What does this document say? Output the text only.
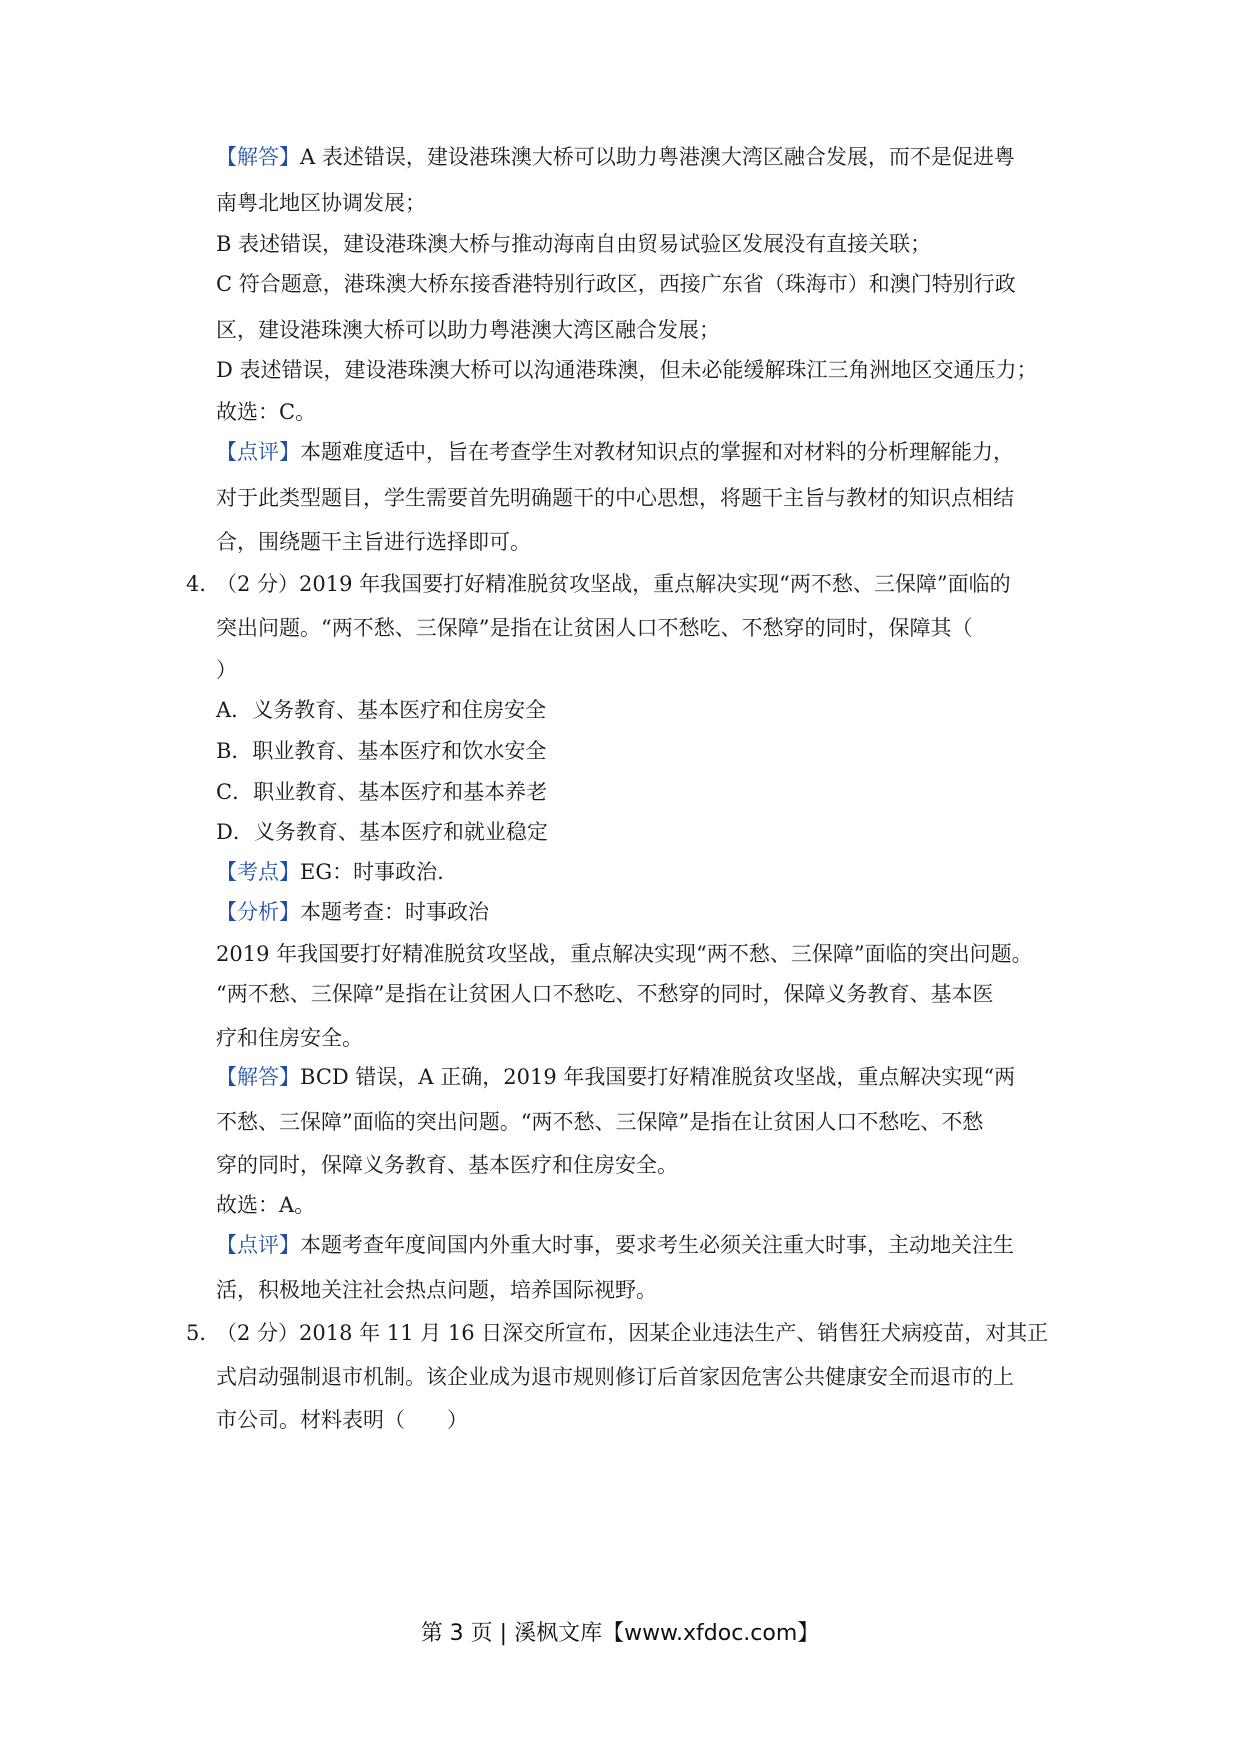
【解答】A 表述错误，建设港珠澳大桥可以助力粤港澳大湾区融合发展，而不是促进粤
南粤北地区协调发展；
B 表述错误，建设港珠澳大桥与推动海南自由贸易试验区发展没有直接关联；
C 符合题意，港珠澳大桥东接香港特别行政区，西接广东省（珠海市）和澳门特别行政
区，建设港珠澳大桥可以助力粤港澳大湾区融合发展；
D 表述错误，建设港珠澳大桥可以沟通港珠澳，但未必能缓解珠江三角洲地区交通压力；
故选：C。
【点评】本题难度适中，旨在考查学生对教材知识点的掌握和对材料的分析理解能力，
对于此类型题目，学生需要首先明确题干的中心思想，将题干主旨与教材的知识点相结
合，围绕题干主旨进行选择即可。
4．
（2 分）2019 年我国要打好精准脱贫攻坚战，重点解决实现“两不愁、三保障”面临的
突出问题。“两不愁、三保障”是指在让贫困人口不愁吃、不愁穿的同时，保障其（
）
A．义务教育、基本医疗和住房安全
B．职业教育、基本医疗和饮水安全
C．职业教育、基本医疗和基本养老
D．义务教育、基本医疗和就业稳定
【考点】EG：时事政治.
【分析】本题考查：时事政治
2019 年我国要打好精准脱贫攻坚战，重点解决实现“两不愁、三保障”面临的突出问题。
“两不愁、三保障”是指在让贫困人口不愁吃、不愁穿的同时，保障义务教育、基本医
疗和住房安全。
【解答】BCD 错误，A 正确，2019 年我国要打好精准脱贫攻坚战，重点解决实现“两
不愁、三保障”面临的突出问题。“两不愁、三保障”是指在让贫困人口不愁吃、不愁
穿的同时，保障义务教育、基本医疗和住房安全。
故选：A。
【点评】本题考查年度间国内外重大时事，要求考生必须关注重大时事，主动地关注生
活，积极地关注社会热点问题，培养国际视野。
5．
（2 分）2018 年 11 月 16 日深交所宣布，因某企业违法生产、销售狂犬病疫苗，对其正
式启动强制退市机制。该企业成为退市规则修订后首家因危害公共健康安全而退市的上
市公司。材料表明（　　）
第 3 页 | 溪枫文库【www.xfdoc.com】
